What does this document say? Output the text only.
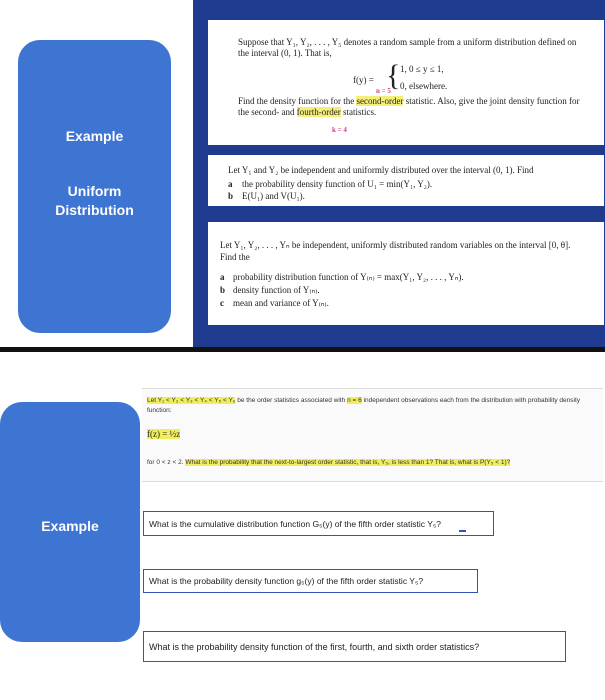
Example
Uniform
Distribution
Suppose that Y₁, Y₂, . . . , Y₅ denotes a random sample from a uniform distribution defined on the interval (0, 1). That is,
f(y) = { 1, 0 ≤ y ≤ 1,
0, elsewhere.
n = 5
Find the density function for the second-order statistic. Also, give the joint density function for the second- and fourth-order statistics.
k = 4
Let Y₁ and Y₂ be independent and uniformly distributed over the interval (0, 1). Find
a the probability density function of U₁ = min(Y₁, Y₂).
b E(U₁) and V(U₁).
Let Y₁, Y₂, . . . , Yₙ be independent, uniformly distributed random variables on the interval [0, θ].
Find the
a probability distribution function of Y₍ₙ₎ = max(Y₁, Y₂, . . . , Yₙ).
b density function of Y₍ₙ₎.
c mean and variance of Y₍ₙ₎.
Example
Let Y₁ < Y₂ < Y₃ < Y₄ < Y₅ < Y₆ be the order statistics associated with n = 6 independent observations each from the distribution with probability density
function:
f(z) = ½z
for 0 < z < 2. What is the probability that the next-to-largest order statistic, that is, Y₅, is less than 1? That is, what is P(Y₅ < 1)?
What is the cumulative distribution function G₅(y) of the fifth order statistic Y₅?
What is the probability density function g₅(y) of the fifth order statistic Y₅?
What is the probability density function of the first, fourth, and sixth order statistics?
